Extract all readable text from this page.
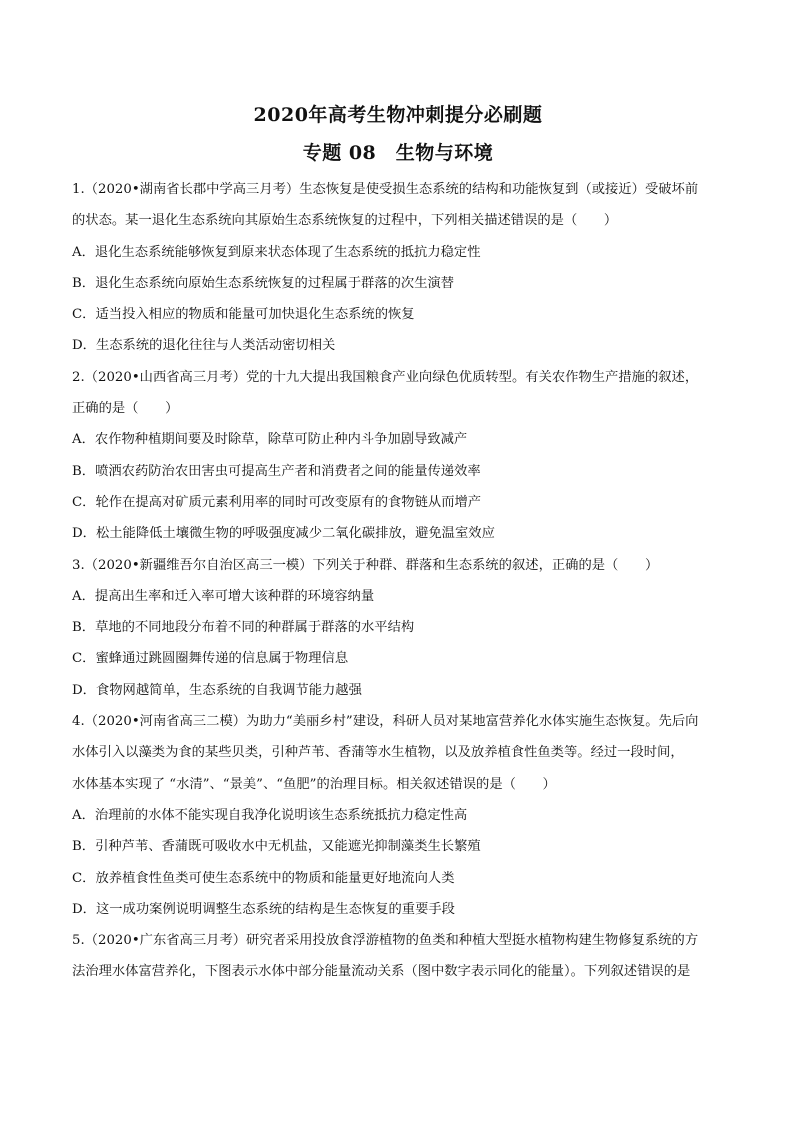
2020年高考生物冲刺提分必刷题
专题 08　生物与环境

1.（2020•湖南省长郡中学高三月考）生态恢复是使受损生态系统的结构和功能恢复到（或接近）受破坏前

的状态。某一退化生态系统向其原始生态系统恢复的过程中，下列相关描述错误的是（　　）

A．退化生态系统能够恢复到原来状态体现了生态系统的抵抗力稳定性

B．退化生态系统向原始生态系统恢复的过程属于群落的次生演替

C．适当投入相应的物质和能量可加快退化生态系统的恢复

D．生态系统的退化往往与人类活动密切相关

2.（2020•山西省高三月考）党的十九大提出我国粮食产业向绿色优质转型。有关农作物生产措施的叙述，

正确的是（　　）

A．农作物种植期间要及时除草，除草可防止种内斗争加剧导致减产

B．喷洒农药防治农田害虫可提高生产者和消费者之间的能量传递效率

C．轮作在提高对矿质元素利用率的同时可改变原有的食物链从而增产

D．松土能降低土壤微生物的呼吸强度减少二氧化碳排放，避免温室效应

3.（2020•新疆维吾尔自治区高三一模）下列关于种群、群落和生态系统的叙述，正确的是（　　）

A．提高出生率和迁入率可增大该种群的环境容纳量

B．草地的不同地段分布着不同的种群属于群落的水平结构

C．蜜蜂通过跳圆圈舞传递的信息属于物理信息

D．食物网越简单，生态系统的自我调节能力越强

4.（2020•河南省高三二模）为助力“美丽乡村”建设，科研人员对某地富营养化水体实施生态恢复。先后向

水体引入以藻类为食的某些贝类，引种芦苇、香蒲等水生植物，以及放养植食性鱼类等。经过一段时间，

水体基本实现了 “水清”、“景美”、“鱼肥”的治理目标。相关叙述错误的是（　　）

A．治理前的水体不能实现自我净化说明该生态系统抵抗力稳定性高

B．引种芦苇、香蒲既可吸收水中无机盐，又能遮光抑制藻类生长繁殖

C．放养植食性鱼类可使生态系统中的物质和能量更好地流向人类

D．这一成功案例说明调整生态系统的结构是生态恢复的重要手段

5.（2020•广东省高三月考）研究者采用投放食浮游植物的鱼类和种植大型挺水植物构建生物修复系统的方

法治理水体富营养化，下图表示水体中部分能量流动关系（图中数字表示同化的能量）。下列叙述错误的是
